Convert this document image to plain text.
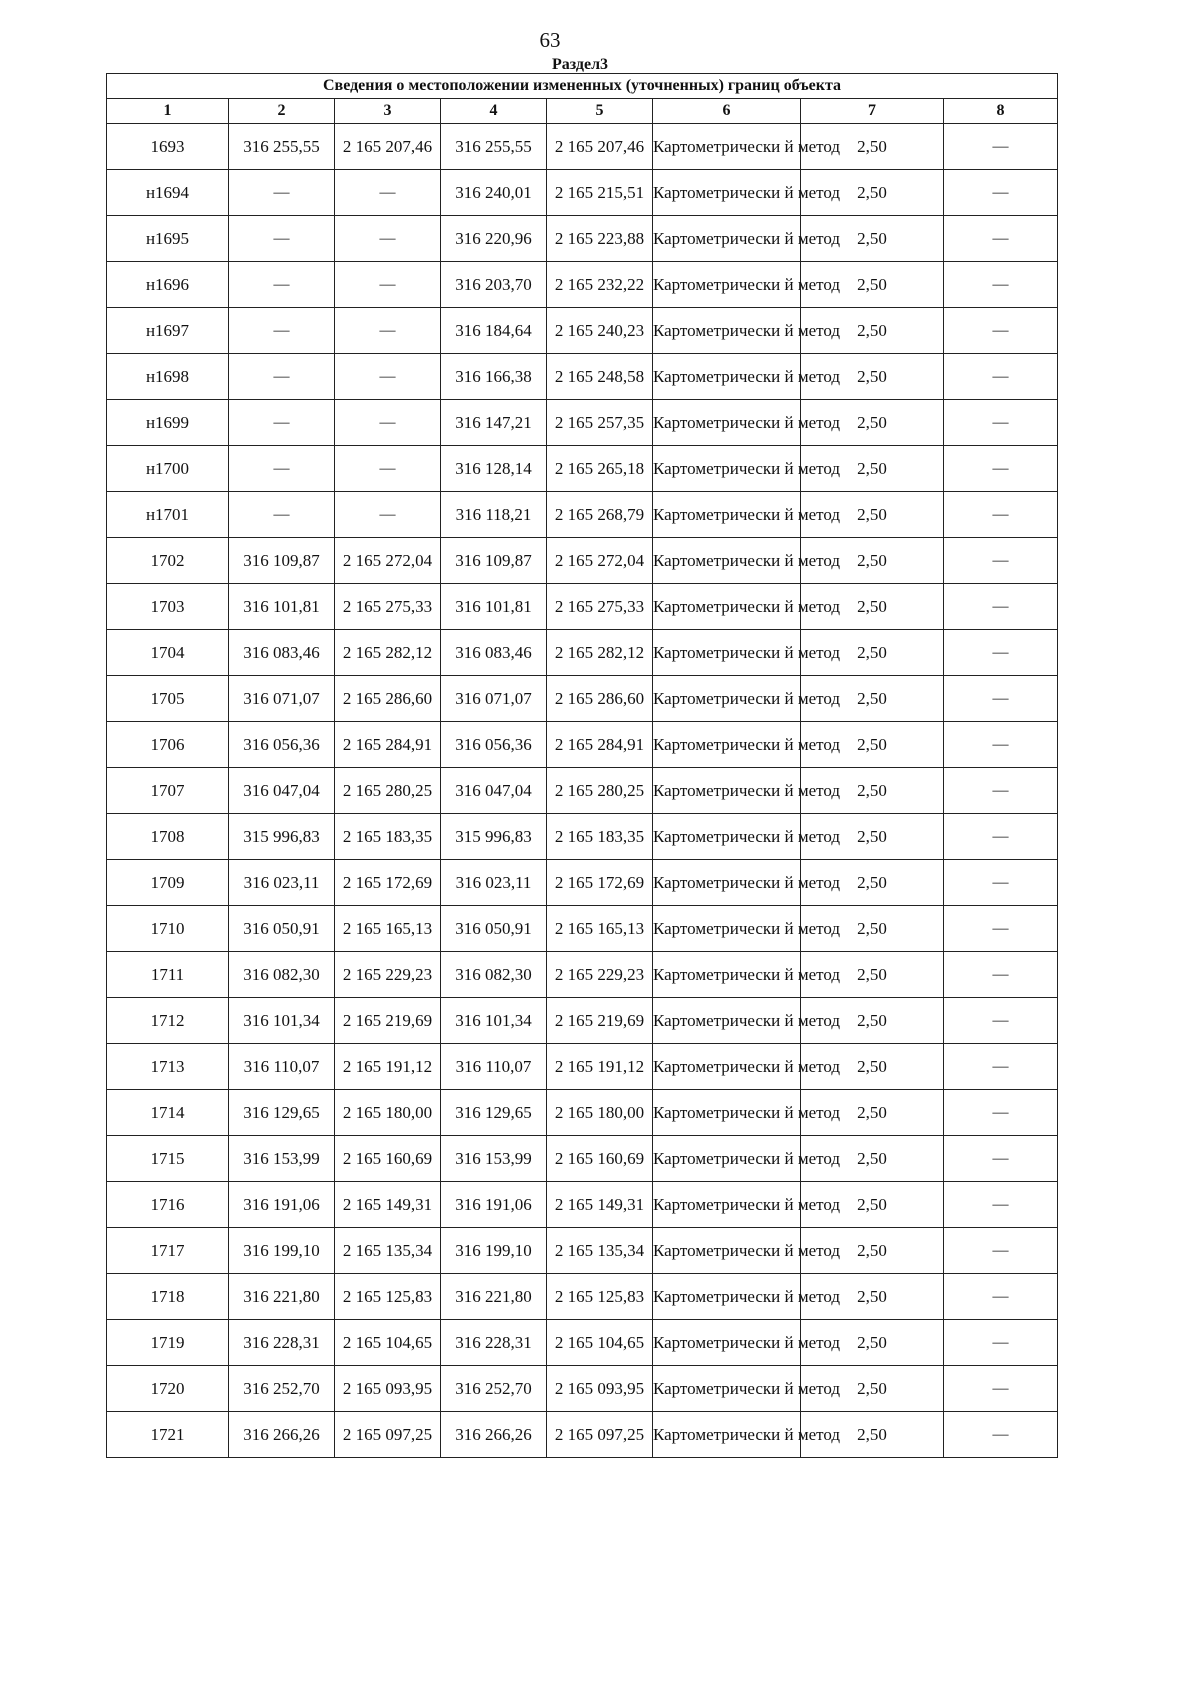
63
Раздел3
Сведения о местоположении измененных (уточненных) границ объекта							
1	2	3	4	5	6	7	8
1693	316 255,55	2 165 207,46	316 255,55	2 165 207,46	Картометрически й метод	2,50	—
н1694	—	—	316 240,01	2 165 215,51	Картометрически й метод	2,50	—
н1695	—	—	316 220,96	2 165 223,88	Картометрически й метод	2,50	—
н1696	—	—	316 203,70	2 165 232,22	Картометрически й метод	2,50	—
н1697	—	—	316 184,64	2 165 240,23	Картометрически й метод	2,50	—
н1698	—	—	316 166,38	2 165 248,58	Картометрически й метод	2,50	—
н1699	—	—	316 147,21	2 165 257,35	Картометрически й метод	2,50	—
н1700	—	—	316 128,14	2 165 265,18	Картометрически й метод	2,50	—
н1701	—	—	316 118,21	2 165 268,79	Картометрически й метод	2,50	—
1702	316 109,87	2 165 272,04	316 109,87	2 165 272,04	Картометрически й метод	2,50	—
1703	316 101,81	2 165 275,33	316 101,81	2 165 275,33	Картометрически й метод	2,50	—
1704	316 083,46	2 165 282,12	316 083,46	2 165 282,12	Картометрически й метод	2,50	—
1705	316 071,07	2 165 286,60	316 071,07	2 165 286,60	Картометрически й метод	2,50	—
1706	316 056,36	2 165 284,91	316 056,36	2 165 284,91	Картометрически й метод	2,50	—
1707	316 047,04	2 165 280,25	316 047,04	2 165 280,25	Картометрически й метод	2,50	—
1708	315 996,83	2 165 183,35	315 996,83	2 165 183,35	Картометрически й метод	2,50	—
1709	316 023,11	2 165 172,69	316 023,11	2 165 172,69	Картометрически й метод	2,50	—
1710	316 050,91	2 165 165,13	316 050,91	2 165 165,13	Картометрически й метод	2,50	—
1711	316 082,30	2 165 229,23	316 082,30	2 165 229,23	Картометрически й метод	2,50	—
1712	316 101,34	2 165 219,69	316 101,34	2 165 219,69	Картометрически й метод	2,50	—
1713	316 110,07	2 165 191,12	316 110,07	2 165 191,12	Картометрически й метод	2,50	—
1714	316 129,65	2 165 180,00	316 129,65	2 165 180,00	Картометрически й метод	2,50	—
1715	316 153,99	2 165 160,69	316 153,99	2 165 160,69	Картометрически й метод	2,50	—
1716	316 191,06	2 165 149,31	316 191,06	2 165 149,31	Картометрически й метод	2,50	—
1717	316 199,10	2 165 135,34	316 199,10	2 165 135,34	Картометрически й метод	2,50	—
1718	316 221,80	2 165 125,83	316 221,80	2 165 125,83	Картометрически й метод	2,50	—
1719	316 228,31	2 165 104,65	316 228,31	2 165 104,65	Картометрически й метод	2,50	—
1720	316 252,70	2 165 093,95	316 252,70	2 165 093,95	Картометрически й метод	2,50	—
1721	316 266,26	2 165 097,25	316 266,26	2 165 097,25	Картометрически й метод	2,50	—
